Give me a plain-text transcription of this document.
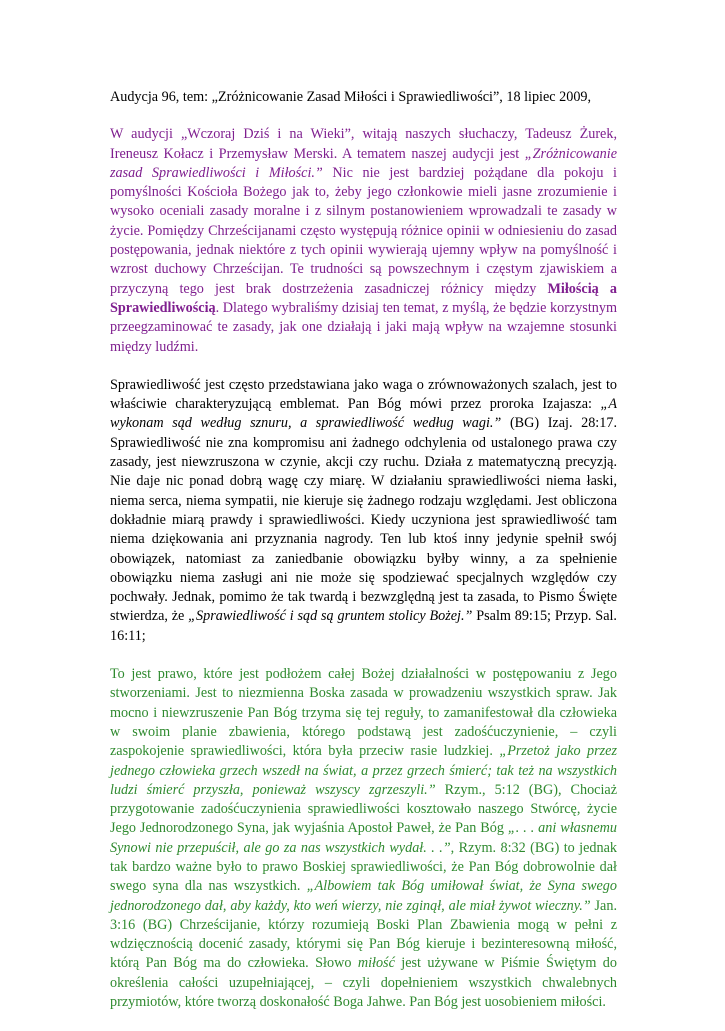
Audycja 96, tem: „Zróżnicowanie Zasad Miłości i Sprawiedliwości”, 18 lipiec 2009,

W audycji „Wczoraj Dziś i na Wieki”, witają naszych słuchaczy, Tadeusz Żurek, Ireneusz Kołacz i Przemysław Merski. A tematem naszej audycji jest „Zróżnicowanie zasad Sprawiedliwości i Miłości.” Nic nie jest bardziej pożądane dla pokoju i pomyślności Kościoła Bożego jak to, żeby jego członkowie mieli jasne zrozumienie i wysoko oceniali zasady moralne i z silnym postanowieniem wprowadzali te zasady w życie. Pomiędzy Chrześcijanami często występują różnice opinii w odniesieniu do zasad postępowania, jednak niektóre z tych opinii wywierają ujemny wpływ na pomyślność i wzrost duchowy Chrześcijan. Te trudności są powszechnym i częstym zjawiskiem a przyczyną tego jest brak dostrzeżenia zasadniczej różnicy między Miłością a Sprawiedliwością. Dlatego wybraliśmy dzisiaj ten temat, z myślą, że będzie korzystnym przeegzaminować te zasady, jak one działają i jaki mają wpływ na wzajemne stosunki między ludźmi.

Sprawiedliwość jest często przedstawiana jako waga o zrównoważonych szalach, jest to właściwie charakteryzującą emblemat. Pan Bóg mówi przez proroka Izajasza: „A wykonam sąd według sznuru, a sprawiedliwość według wagi.” (BG) Izaj. 28:17. Sprawiedliwość nie zna kompromisu ani żadnego odchylenia od ustalonego prawa czy zasady, jest niewzruszona w czynie, akcji czy ruchu. Działa z matematyczną precyzją. Nie daje nic ponad dobrą wagę czy miarę. W działaniu sprawiedliwości niema łaski, niema serca, niema sympatii, nie kieruje się żadnego rodzaju względami. Jest obliczona dokładnie miarą prawdy i sprawiedliwości. Kiedy uczyniona jest sprawiedliwość tam niema dziękowania ani przyznania nagrody. Ten lub ktoś inny jedynie spełnił swój obowiązek, natomiast za zaniedbanie obowiązku byłby winny, a za spełnienie obowiązku niema zasługi ani nie może się spodziewać specjalnych względów czy pochwały. Jednak, pomimo że tak twardą i bezwzględną jest ta zasada, to Pismo Święte stwierdza, że „Sprawiedliwość i sąd są gruntem stolicy Bożej.” Psalm 89:15; Przyp. Sal. 16:11;

To jest prawo, które jest podłożem całej Bożej działalności w postępowaniu z Jego stworzeniami. Jest to niezmienna Boska zasada w prowadzeniu wszystkich spraw. Jak mocno i niewzruszenie Pan Bóg trzyma się tej reguły, to zamanifestował dla człowieka w swoim planie zbawienia, którego podstawą jest zadośćuczynienie, – czyli zaspokojenie sprawiedliwości, która była przeciw rasie ludzkiej. „Przetoż jako przez jednego człowieka grzech wszedł na świat, a przez grzech śmierć; tak też na wszystkich ludzi śmierć przyszła, ponieważ wszyscy zgrzeszyli.” Rzym., 5:12 (BG), Chociaż przygotowanie zadośćuczynienia sprawiedliwości kosztowało naszego Stwórcę, życie Jego Jednorodzonego Syna, jak wyjaśnia Apostoł Paweł, że Pan Bóg „. . . ani własnemu Synowi nie przepuścił, ale go za nas wszystkich wydał. . .”, Rzym. 8:32 (BG) to jednak tak bardzo ważne było to prawo Boskiej sprawiedliwości, że Pan Bóg dobrowolnie dał swego syna dla nas wszystkich. „Albowiem tak Bóg umiłował świat, że Syna swego jednorodzonego dał, aby każdy, kto weń wierzy, nie zginął, ale miał żywot wieczny.” Jan. 3:16 (BG) Chrześcijanie, którzy rozumieją Boski Plan Zbawienia mogą w pełni z wdzięcznością docenić zasady, którymi się Pan Bóg kieruje i bezinteresowną miłość, którą Pan Bóg ma do człowieka. Słowo miłość jest używane w Piśmie Świętym do określenia całości uzupełniającej, – czyli dopełnieniem wszystkich chwalebnych przymiotów, które tworzą doskonałość Boga Jahwe. Pan Bóg jest uosobieniem miłości.
